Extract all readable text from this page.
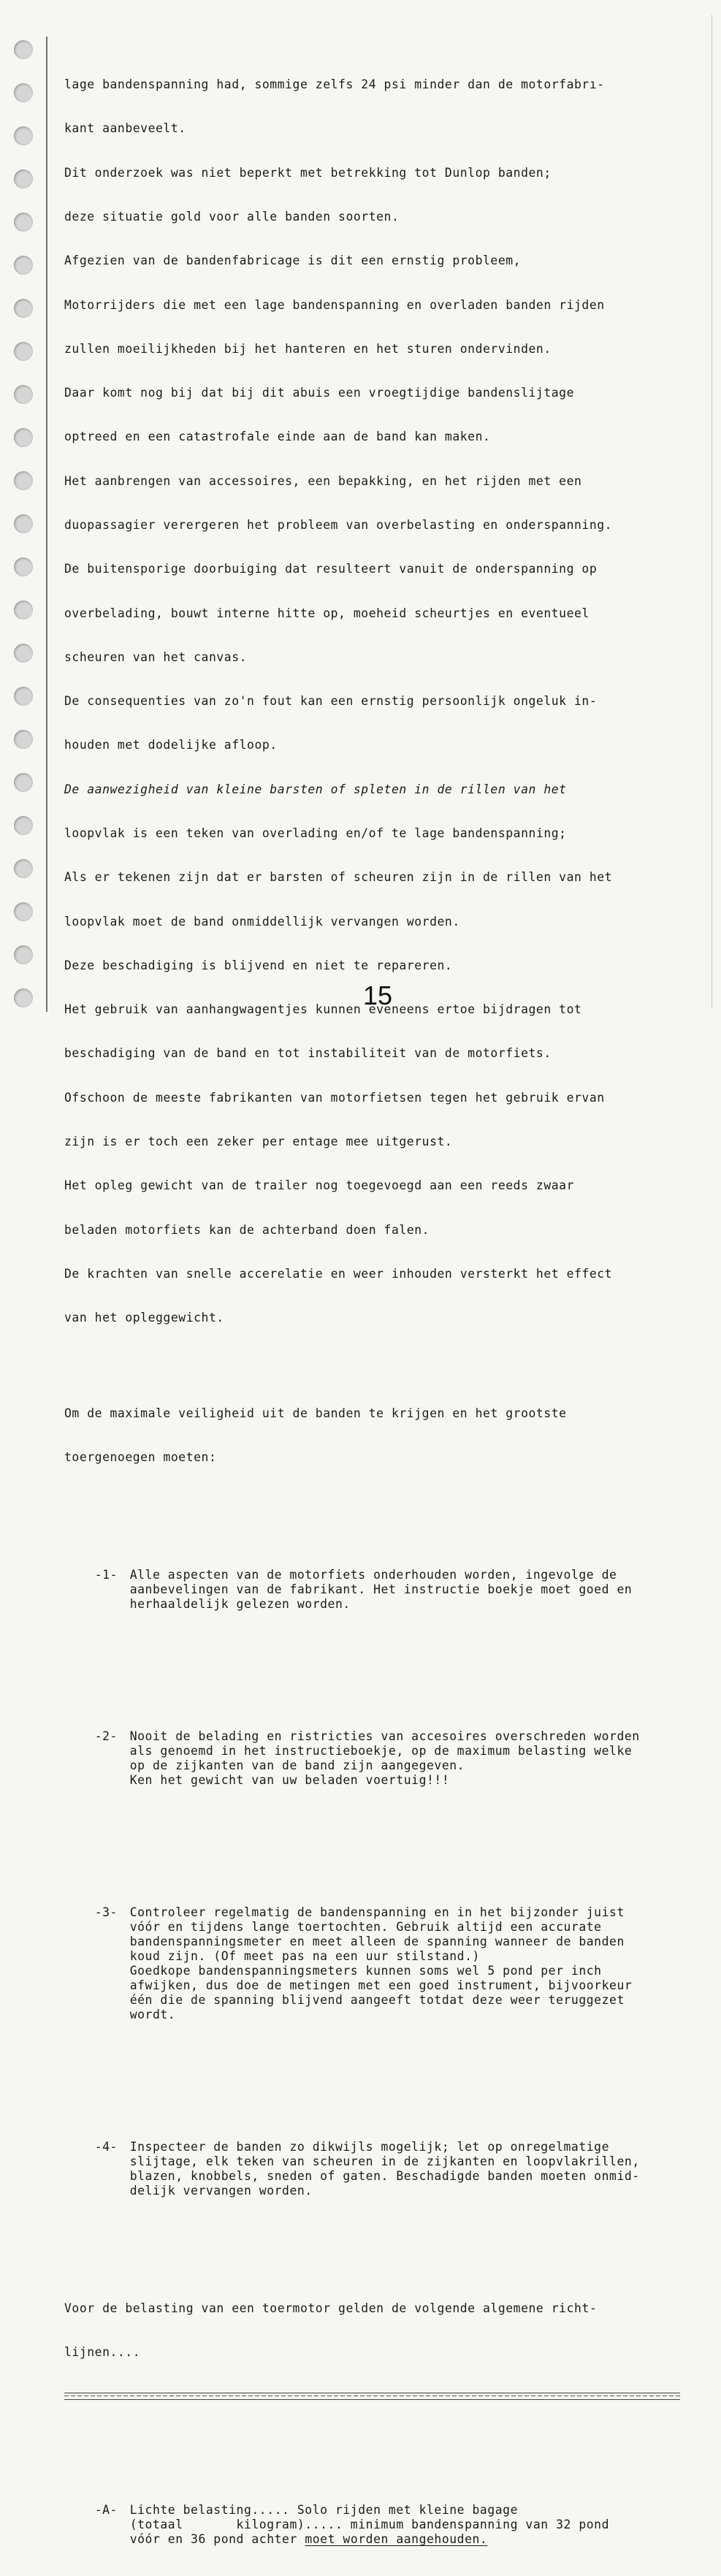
lage bandenspanning had, sommige zelfs 24 psi minder dan de motorfabrı-

kant aanbeveelt.

Dit onderzoek was niet beperkt met betrekking tot Dunlop banden;

deze situatie gold voor alle banden soorten.

Afgezien van de bandenfabricage is dit een ernstig probleem,

Motorrijders die met een lage bandenspanning en overladen banden rijden

zullen moeilijkheden bij het hanteren en het sturen ondervinden.

Daar komt nog bij dat bij dit abuis een vroegtijdige bandenslijtage

optreed en een catastrofale einde aan de band kan maken.

Het aanbrengen van accessoires, een bepakking, en het rijden met een

duopassagier verergeren het probleem van overbelasting en onderspanning.

De buitensporige doorbuiging dat resulteert vanuit de onderspanning op

overbelading, bouwt interne hitte op, moeheid scheurtjes en eventueel

scheuren van het canvas.

De consequenties van zo'n fout kan een ernstig persoonlijk ongeluk in-

houden met dodelijke afloop.

De aanwezigheid van kleine barsten of spleten in de rillen van het

loopvlak is een teken van overlading en/of te lage bandenspanning;

Als er tekenen zijn dat er barsten of scheuren zijn in de rillen van het

loopvlak moet de band onmiddellijk vervangen worden.

Deze beschadiging is blijvend en niet te repareren.

Het gebruik van aanhangwagentjes kunnen eveneens ertoe bijdragen tot

beschadiging van de band en tot instabiliteit van de motorfiets.

Ofschoon de meeste fabrikanten van motorfietsen tegen het gebruik ervan

zijn is er toch een zeker per entage mee uitgerust.

Het opleg gewicht van de trailer nog toegevoegd aan een reeds zwaar

beladen motorfiets kan de achterband doen falen.

De krachten van snelle accerelatie en weer inhouden versterkt het effect

van het opleggewicht.

Om de maximale veiligheid uit de banden te krijgen en het grootste

toergenoegen moeten:

-1- Alle aspecten van de motorfiets onderhouden worden, ingevolge de
aanbevelingen van de fabrikant. Het instructie boekje moet goed en
herhaaldelijk gelezen worden.

-2- Nooit de belading en ristricties van accesoires overschreden worden
als genoemd in het instructieboekje, op de maximum belasting welke
op de zijkanten van de band zijn aangegeven.
Ken het gewicht van uw beladen voertuig!!!

-3- Controleer regelmatig de bandenspanning en in het bijzonder juist
vóór en tijdens lange toertochten. Gebruik altijd een accurate
bandenspanningsmeter en meet alleen de spanning wanneer de banden
koud zijn. (Of meet pas na een uur stilstand.)
Goedkope bandenspanningsmeters kunnen soms wel 5 pond per inch
afwijken, dus doe de metingen met een goed instrument, bijvoorkeur
één die de spanning blijvend aangeeft totdat deze weer teruggezet
wordt.

-4- Inspecteer de banden zo dikwijls mogelijk; let op onregelmatige
slijtage, elk teken van scheuren in de zijkanten en loopvlakrillen,
blazen, knobbels, sneden of gaten. Beschadigde banden moeten onmid-
delijk vervangen worden.

Voor de belasting van een toermotor gelden de volgende algemene richt-

lijnen....

-A- Lichte belasting..... Solo rijden met kleine bagage
(totaal       kilogram)..... minimum bandenspanning van 32 pond
vóór en 36 pond achter moet worden aangehouden.

15
